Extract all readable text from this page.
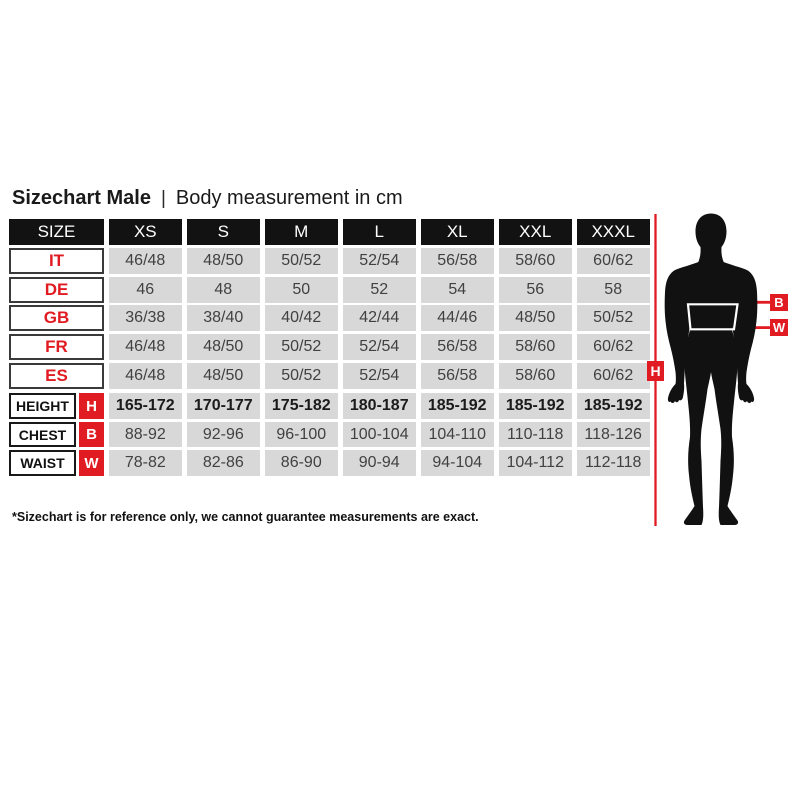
Sizechart Male | Body measurement in cm
SIZE	XS	S	M	L	XL	XXL	XXXL
IT	46/48	48/50	50/52	52/54	56/58	58/60	60/62
DE	46	48	50	52	54	56	58
GB	36/38	38/40	40/42	42/44	44/46	48/50	50/52
FR	46/48	48/50	50/52	52/54	56/58	58/60	60/62
ES	46/48	48/50	50/52	52/54	56/58	58/60	60/62
HEIGHT	H	165-172	170-177	175-182	180-187	185-192	185-192	185-192
CHEST	B	88-92	92-96	96-100	100-104	104-110	110-118	118-126
WAIST	W	78-82	82-86	86-90	90-94	94-104	104-112	112-118
*Sizechart is for reference only, we cannot guarantee measurements are exact.
H
B
W
